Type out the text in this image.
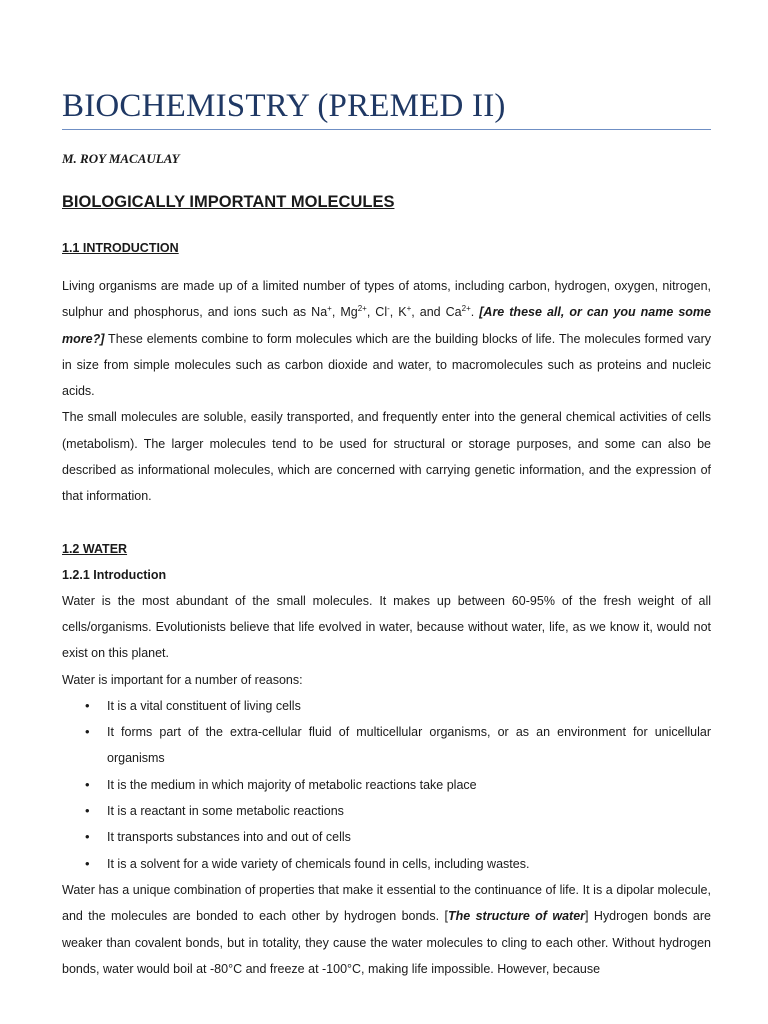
BIOCHEMISTRY (PREMED II)
M. ROY MACAULAY
BIOLOGICALLY IMPORTANT MOLECULES
1.1 INTRODUCTION

Living organisms are made up of a limited number of types of atoms, including carbon, hydrogen, oxygen, nitrogen, sulphur and phosphorus, and ions such as Na+, $Mg^{2+}$, Cl-, K+, and $Ca^{2+}$. [Are these all, or can you name some more?] These elements combine to form molecules which are the building blocks of life. The molecules formed vary in size from simple molecules such as carbon dioxide and water, to macromolecules such as proteins and nucleic acids.

The small molecules are soluble, easily transported, and frequently enter into the general chemical activities of cells (metabolism). The larger molecules tend to be used for structural or storage purposes, and some can also be described as informational molecules, which are concerned with carrying genetic information, and the expression of that information.

1.2 WATER
1.2.1 Introduction

Water is the most abundant of the small molecules. It makes up between 60-95% of the fresh weight of all cells/organisms. Evolutionists believe that life evolved in water, because without water, life, as we know it, would not exist on this planet.

Water is important for a number of reasons:

• It is a vital constituent of living cells
• It forms part of the extra-cellular fluid of multicellular organisms, or as an environment for unicellular organisms
• It is the medium in which majority of metabolic reactions take place
• It is a reactant in some metabolic reactions
• It transports substances into and out of cells
• It is a solvent for a wide variety of chemicals found in cells, including wastes.

Water has a unique combination of properties that make it essential to the continuance of life. It is a dipolar molecule, and the molecules are bonded to each other by hydrogen bonds. [The structure of water] Hydrogen bonds are weaker than covalent bonds, but in totality, they cause the water molecules to cling to each other. Without hydrogen bonds, water would boil at -80°C and freeze at -100°C, making life impossible. However, because
